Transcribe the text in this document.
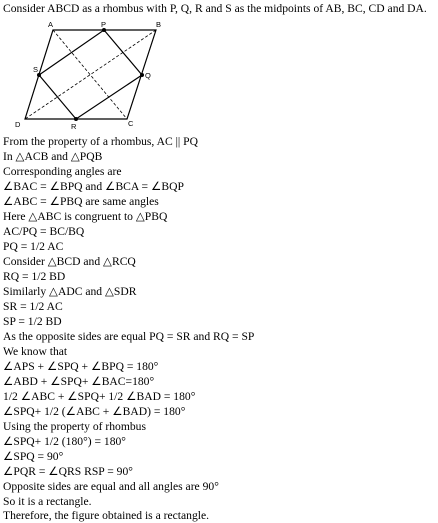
Consider ABCD as a rhombus with P, Q, R and S as the midpoints of AB, BC, CD and DA.
A	P	B
Q
S
D	R	C
From the property of a rhombus, AC || PQ
In △ACB and △PQB
Corresponding angles are
∠BAC = ∠BPQ and ∠BCA = ∠BQP
∠ABC = ∠PBQ are same angles
Here △ABC is congruent to △PBQ
AC/PQ = BC/BQ
PQ = 1/2 AC
Consider △BCD and △RCQ
RQ = 1/2 BD
Similarly △ADC and △SDR
SR = 1/2 AC
SP = 1/2 BD
As the opposite sides are equal PQ = SR and RQ = SP
We know that
∠APS + ∠SPQ + ∠BPQ = 180°
∠ABD + ∠SPQ+ ∠BAC=180°
1/2 ∠ABC + ∠SPQ+ 1/2 ∠BAD = 180°
∠SPQ+ 1/2 (∠ABC + ∠BAD) = 180°
Using the property of rhombus
∠SPQ+ 1/2 (180°) = 180°
∠SPQ = 90°
∠PQR = ∠QRS RSP = 90°
Opposite sides are equal and all angles are 90°
So it is a rectangle.
Therefore, the figure obtained is a rectangle.
